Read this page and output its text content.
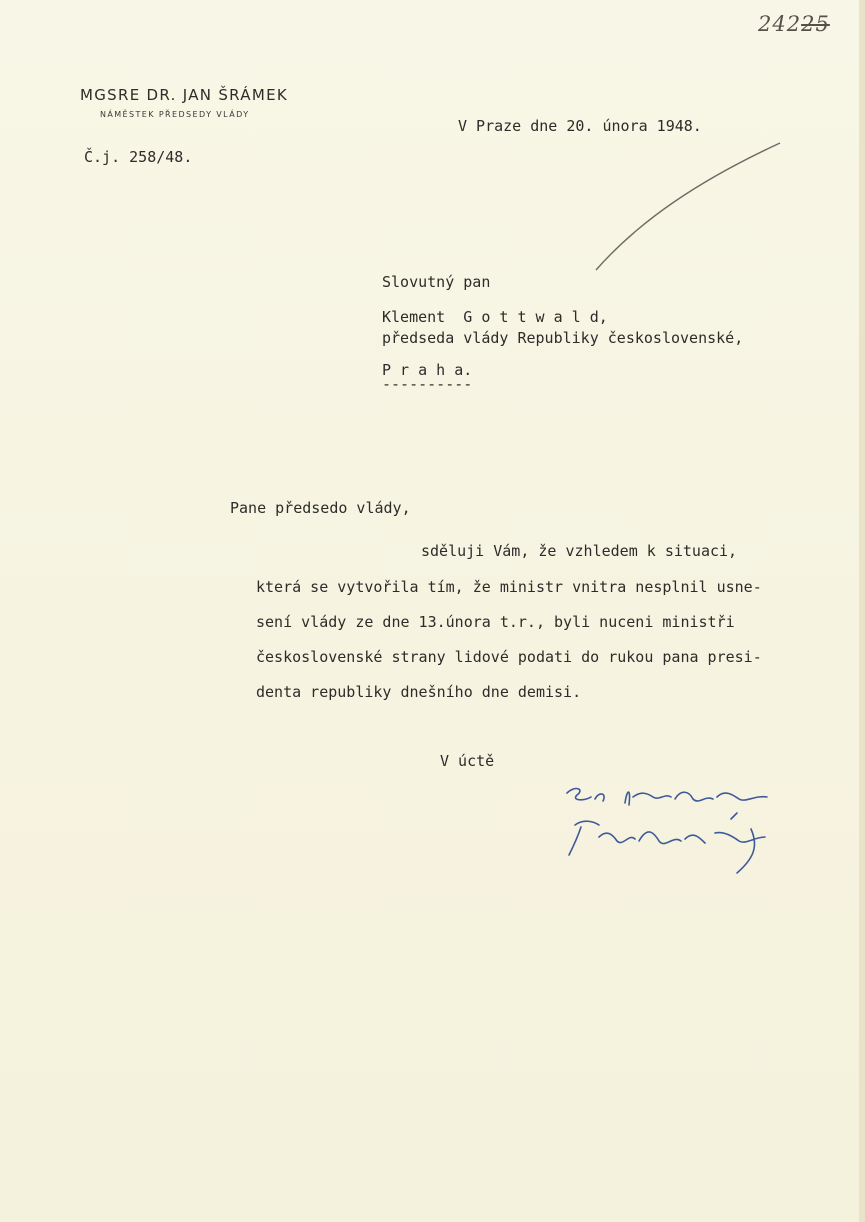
24225
MGSRE DR. JAN ŠRÁMEK
NÁMĚSTEK PŘEDSEDY VLÁDY
Č.j. 258/48.
V Praze dne 20. února 1948.
Slovutný pan
Klement  G o t t w a l d,
předseda vlády Republiky československé,
P r a h a.
----------
Pane předsedo vlády,
sděluji Vám, že vzhledem k situaci,
která se vytvořila tím, že ministr vnitra nesplnil usne-
sení vlády ze dne 13.února t.r., byli nuceni ministři
československé strany lidové podati do rukou pana presi-
denta republiky dnešního dne demisi.
V úctě
